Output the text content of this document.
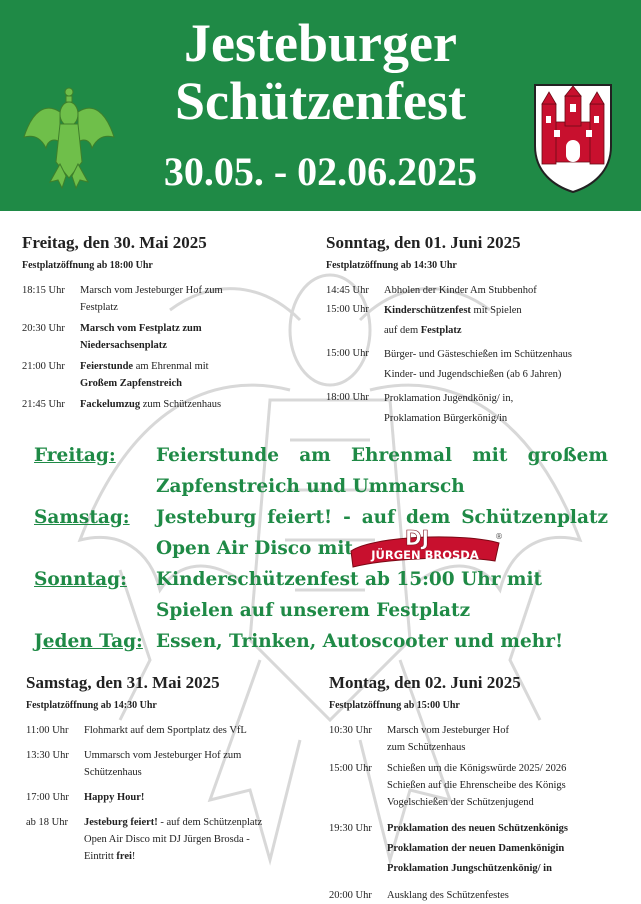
Jesteburger
Schützenfest
30.05. - 02.06.2025
Freitag, den 30. Mai 2025
Festplatzöffnung ab 18:00 Uhr
18:15 Uhr	Marsch vom Jesteburger Hof zum
Festplatz
20:30 Uhr	Marsch vom Festplatz zum
Niedersachsenplatz
21:00 Uhr	Feierstunde am Ehrenmal mit
Großem Zapfenstreich
21:45 Uhr	Fackelumzug zum Schützenhaus
Sonntag, den 01. Juni 2025
Festplatzöffnung ab 14:30 Uhr
14:45 Uhr	Abholen der Kinder Am Stubbenhof
15:00 Uhr	Kinderschützenfest mit Spielen
auf dem Festplatz
15:00 Uhr	Bürger- und Gästeschießen im Schützenhaus
Kinder- und Jugendschießen (ab 6 Jahren)
18:00 Uhr	Proklamation Jugendkönig/ in,
Proklamation Bürgerkönig/in
Freitag: Feierstunde am Ehrenmal mit großem
Zapfenstreich und Ummarsch
Samstag: Jesteburg feiert! - auf dem Schützenplatz
Open Air Disco mit
Sonntag: Kinderschützenfest ab 15:00 Uhr mit
Spielen auf unserem Festplatz
Jeden Tag: Essen, Trinken, Autoscooter und mehr!
DJ
JÜRGEN BROSDA
®
Samstag, den 31. Mai 2025
Festplatzöffnung ab 14:30 Uhr
11:00 Uhr	Flohmarkt auf dem Sportplatz des VfL
13:30 Uhr	Ummarsch vom Jesteburger Hof zum
Schützenhaus
17:00 Uhr	Happy Hour!
ab 18 Uhr	Jesteburg feiert! - auf dem Schützenplatz
Open Air Disco mit DJ Jürgen Brosda -
Eintritt frei!
Montag, den 02. Juni 2025
Festplatzöffnung ab 15:00 Uhr
10:30 Uhr	Marsch vom Jesteburger Hof
zum Schützenhaus
15:00 Uhr	Schießen um die Königswürde 2025/ 2026
Schießen auf die Ehrenscheibe des Königs
Vogelschießen der Schützenjugend
19:30 Uhr	Proklamation des neuen Schützenkönigs
Proklamation der neuen Damenkönigin
Proklamation Jungschützenkönig/ in
20:00 Uhr	Ausklang des Schützenfestes
